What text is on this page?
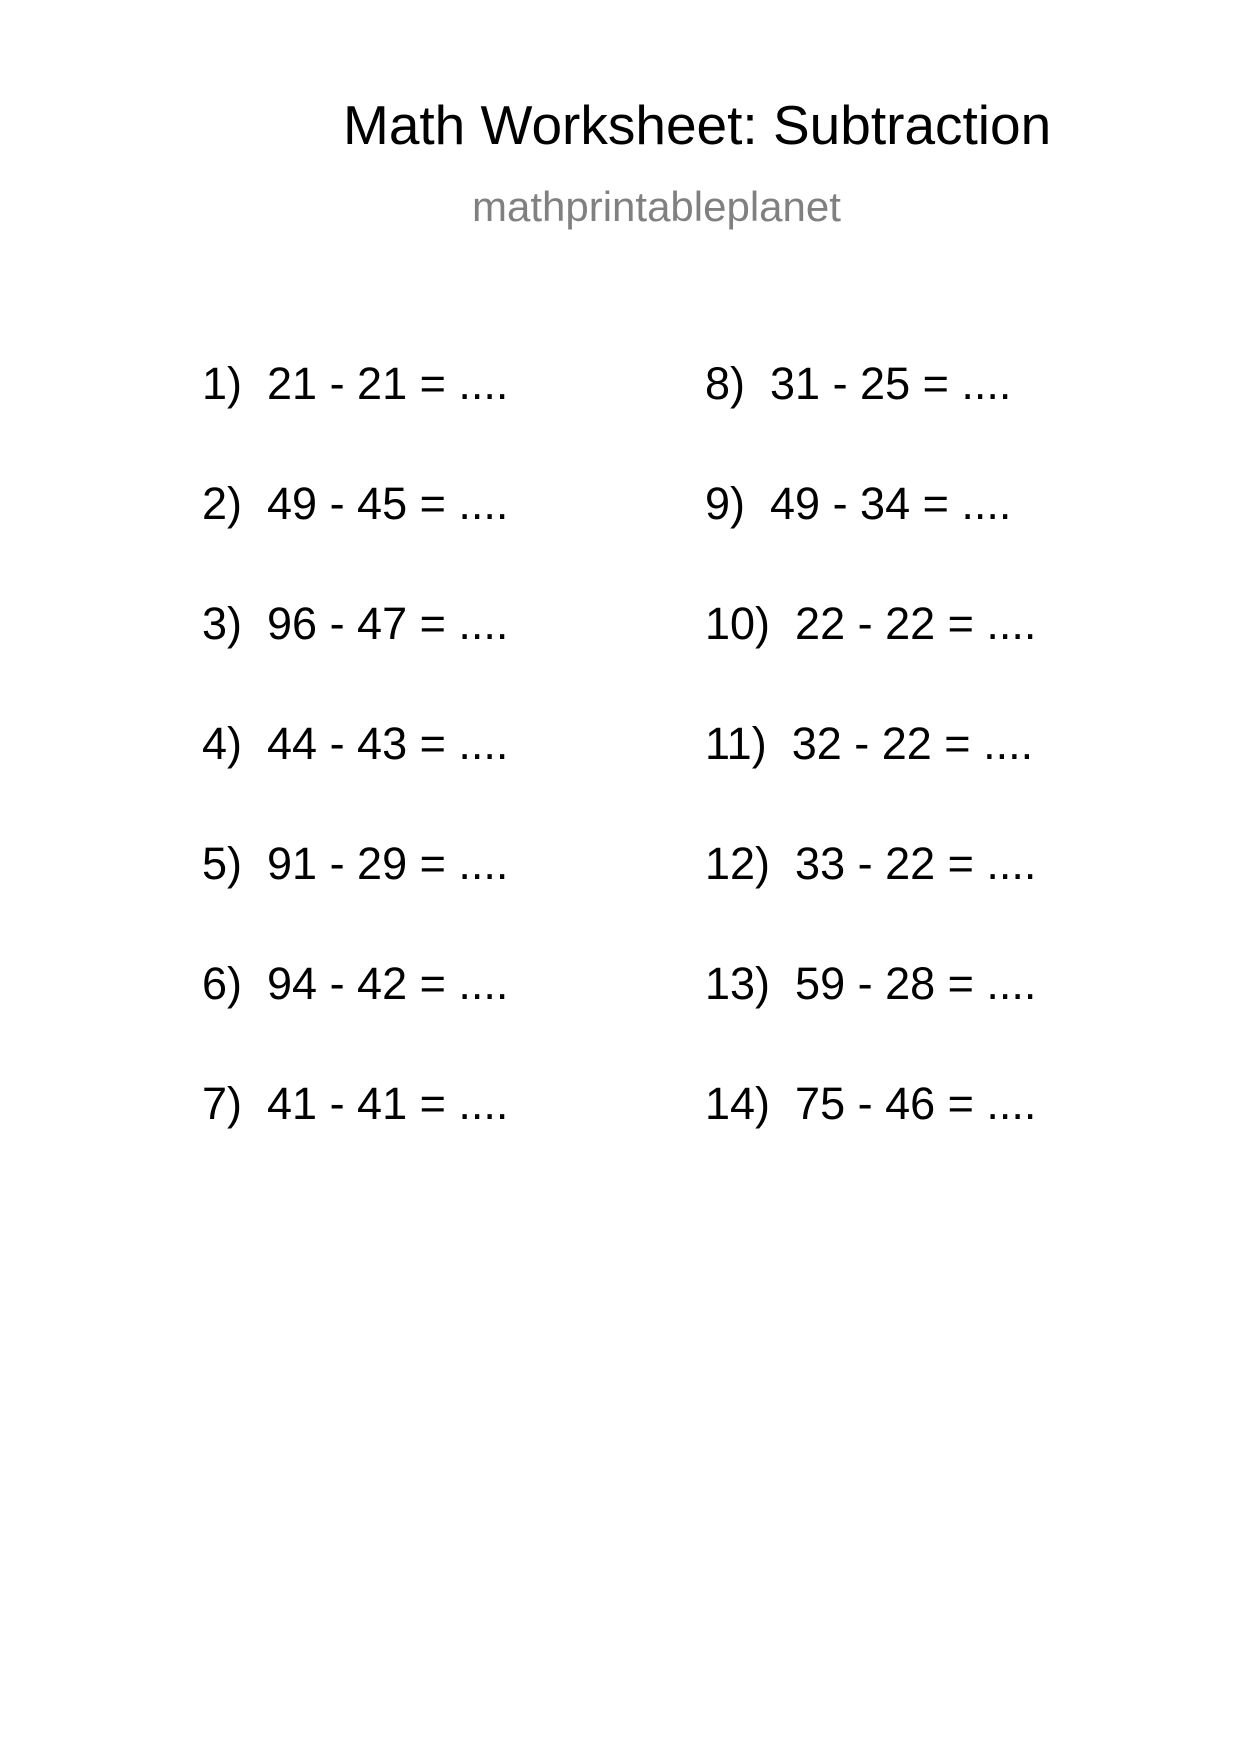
Math Worksheet: Subtraction
mathprintableplanet
1)  21 - 21 = ....
2)  49 - 45 = ....
3)  96 - 47 = ....
4)  44 - 43 = ....
5)  91 - 29 = ....
6)  94 - 42 = ....
7)  41 - 41 = ....
8)  31 - 25 = ....
9)  49 - 34 = ....
10)  22 - 22 = ....
11)  32 - 22 = ....
12)  33 - 22 = ....
13)  59 - 28 = ....
14)  75 - 46 = ....
